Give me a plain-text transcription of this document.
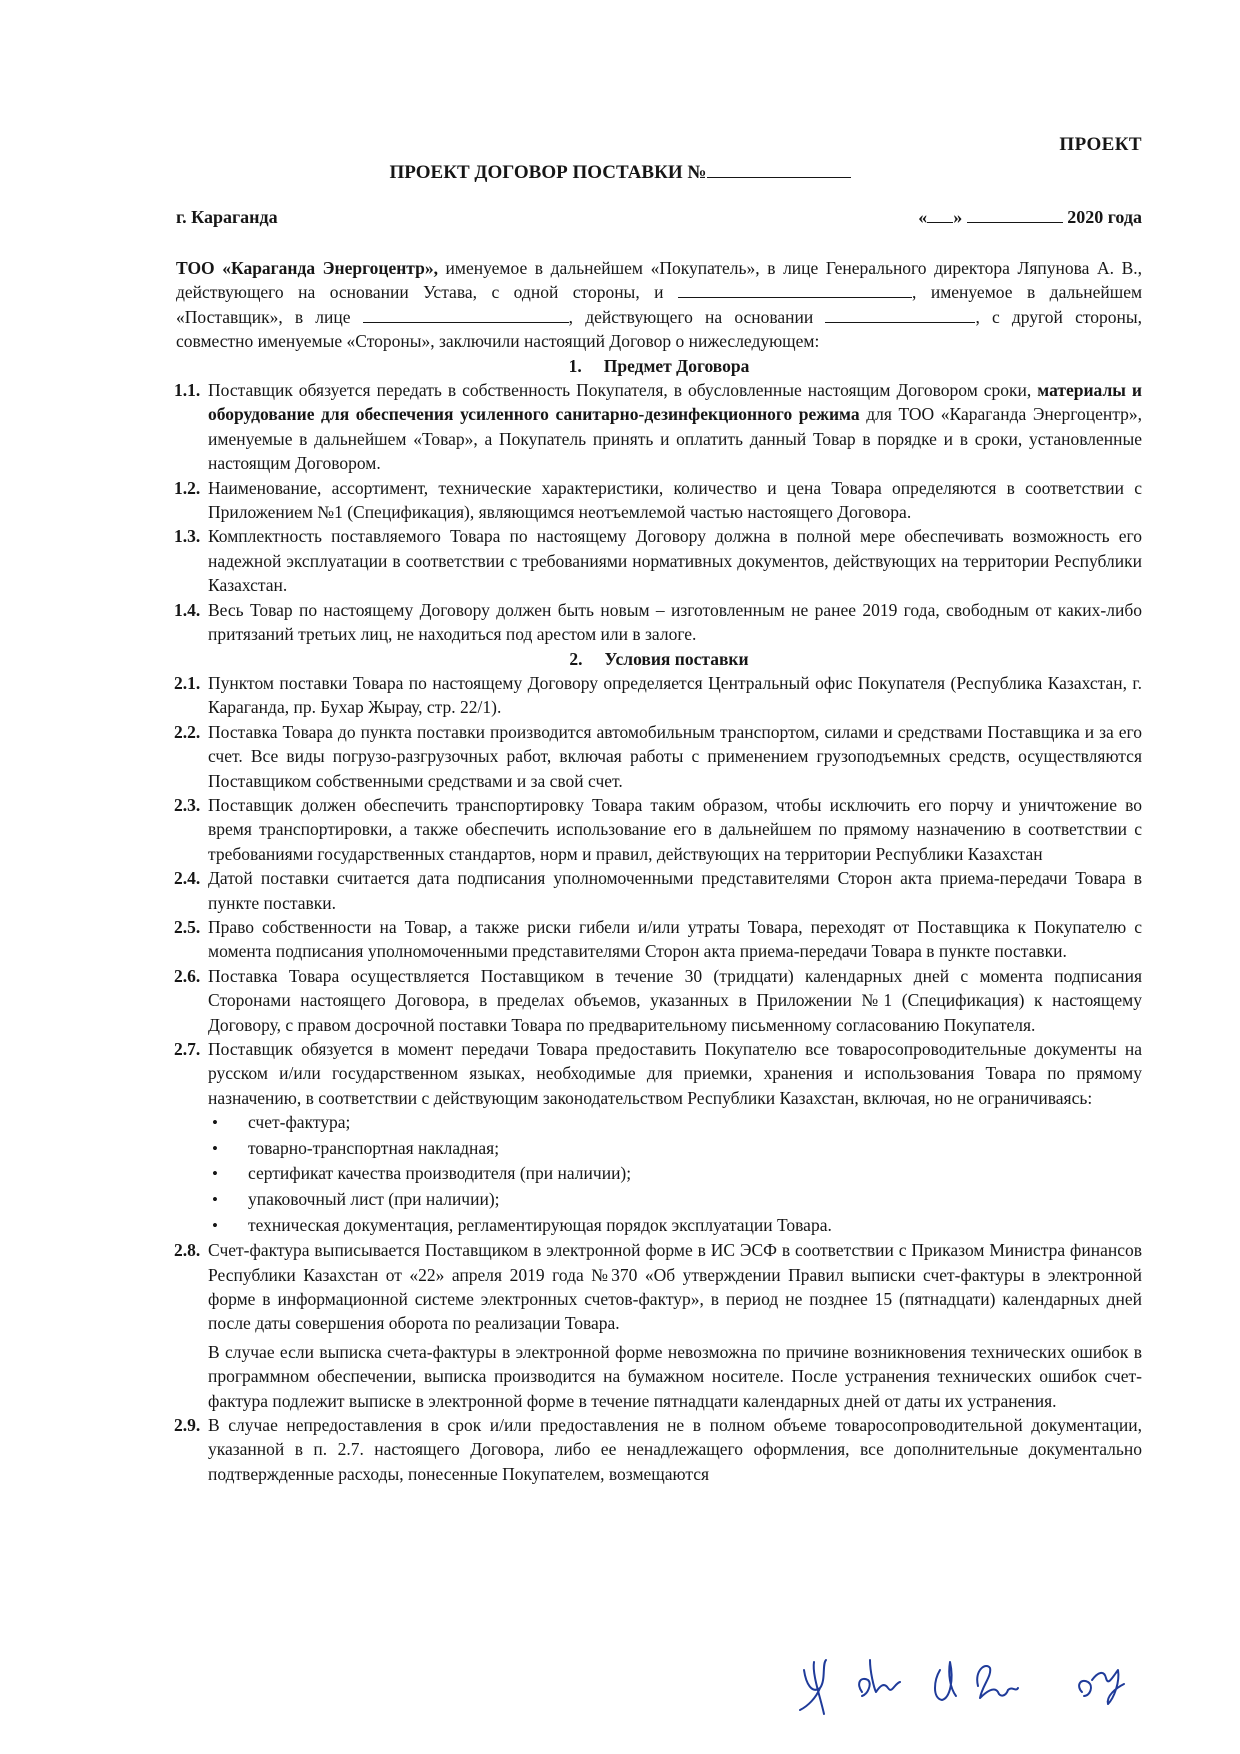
ПРОЕКТ
ПРОЕКТ ДОГОВОР ПОСТАВКИ №
г. Караганда	« »	2020 года

ТОО «Караганда Энергоцентр», именуемое в дальнейшем «Покупатель», в лице Генерального директора Ляпунова А. В., действующего на основании Устава, с одной стороны, и	, именуемое в дальнейшем «Поставщик», в лице	, действующего на основании	, с другой стороны, совместно именуемые «Стороны», заключили настоящий Договор о нижеследующем:

1. Предмет Договора
1.1. Поставщик обязуется передать в собственность Покупателя, в обусловленные настоящим Договором сроки, материалы и оборудование для обеспечения усиленного санитарно-дезинфекционного режима для ТОО «Караганда Энергоцентр», именуемые в дальнейшем «Товар», а Покупатель принять и оплатить данный Товар в порядке и в сроки, установленные настоящим Договором.
1.2. Наименование, ассортимент, технические характеристики, количество и цена Товара определяются в соответствии с Приложением №1 (Спецификация), являющимся неотъемлемой частью настоящего Договора.
1.3. Комплектность поставляемого Товара по настоящему Договору должна в полной мере обеспечивать возможность его надежной эксплуатации в соответствии с требованиями нормативных документов, действующих на территории Республики Казахстан.
1.4. Весь Товар по настоящему Договору должен быть новым – изготовленным не ранее 2019 года, свободным от каких-либо притязаний третьих лиц, не находиться под арестом или в залоге.
2. Условия поставки
2.1. Пунктом поставки Товара по настоящему Договору определяется Центральный офис Покупателя (Республика Казахстан, г. Караганда, пр. Бухар Жырау, стр. 22/1).
2.2. Поставка Товара до пункта поставки производится автомобильным транспортом, силами и средствами Поставщика и за его счет. Все виды погрузо-разгрузочных работ, включая работы с применением грузоподъемных средств, осуществляются Поставщиком собственными средствами и за свой счет.
2.3. Поставщик должен обеспечить транспортировку Товара таким образом, чтобы исключить его порчу и уничтожение во время транспортировки, а также обеспечить использование его в дальнейшем по прямому назначению в соответствии с требованиями государственных стандартов, норм и правил, действующих на территории Республики Казахстан
2.4. Датой поставки считается дата подписания уполномоченными представителями Сторон акта приема-передачи Товара в пункте поставки.
2.5. Право собственности на Товар, а также риски гибели и/или утраты Товара, переходят от Поставщика к Покупателю с момента подписания уполномоченными представителями Сторон акта приема-передачи Товара в пункте поставки.
2.6. Поставка Товара осуществляется Поставщиком в течение 30 (тридцати) календарных дней с момента подписания Сторонами настоящего Договора, в пределах объемов, указанных в Приложении №1 (Спецификация) к настоящему Договору, с правом досрочной поставки Товара по предварительному письменному согласованию Покупателя.
2.7. Поставщик обязуется в момент передачи Товара предоставить Покупателю все товаросопроводительные документы на русском и/или государственном языках, необходимые для приемки, хранения и использования Товара по прямому назначению, в соответствии с действующим законодательством Республики Казахстан, включая, но не ограничиваясь:
• счет-фактура;
• товарно-транспортная накладная;
• сертификат качества производителя (при наличии);
• упаковочный лист (при наличии);
• техническая документация, регламентирующая порядок эксплуатации Товара.
2.8. Счет-фактура выписывается Поставщиком в электронной форме в ИС ЭСФ в соответствии с Приказом Министра финансов Республики Казахстан от «22» апреля 2019 года №370 «Об утверждении Правил выписки счет-фактуры в электронной форме в информационной системе электронных счетов-фактур», в период не позднее 15 (пятнадцати) календарных дней после даты совершения оборота по реализации Товара.

В случае если выписка счета-фактуры в электронной форме невозможна по причине возникновения технических ошибок в программном обеспечении, выписка производится на бумажном носителе. После устранения технических ошибок счет-фактура подлежит выписке в электронной форме в течение пятнадцати календарных дней от даты их устранения.

2.9. В случае непредоставления в срок и/или предоставления не в полном объеме товаросопроводительной документации, указанной в п. 2.7. настоящего Договора, либо ее ненадлежащего оформления, все дополнительные документально подтвержденные расходы, понесенные Покупателем, возмещаются
